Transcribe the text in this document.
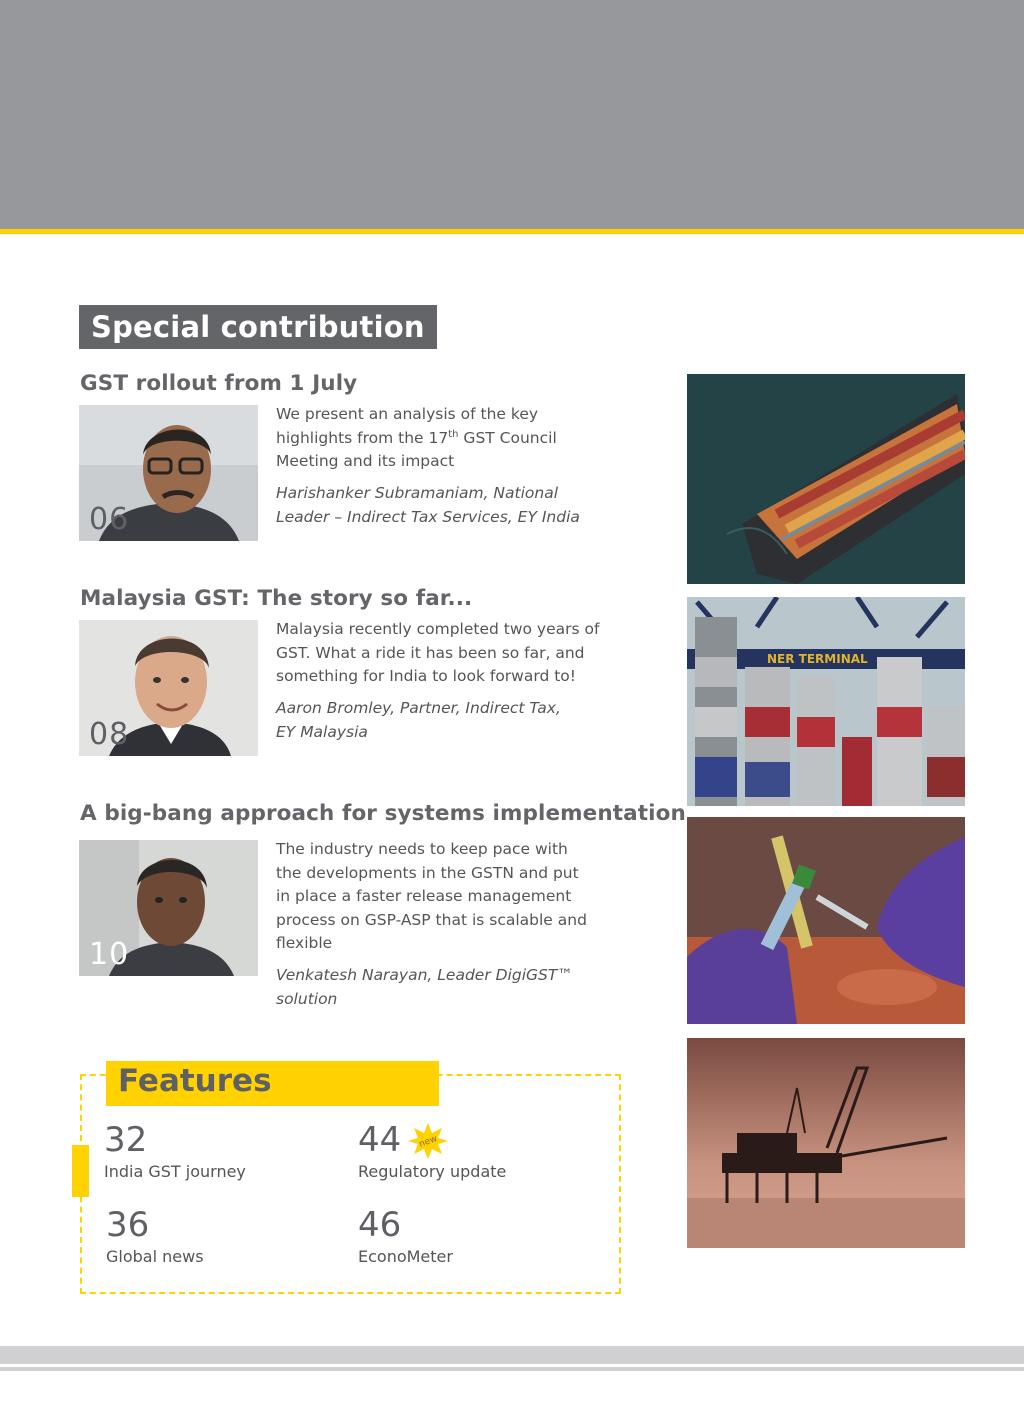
Special contribution
GST rollout from 1 July
06
We present an analysis of the key highlights from the 17th GST Council Meeting and its impact
Harishanker Subramaniam, National Leader – Indirect Tax Services, EY India
Malaysia GST: The story so far...
08
Malaysia recently completed two years of GST. What a ride it has been so far, and something for India to look forward to!
Aaron Bromley, Partner, Indirect Tax, EY Malaysia
A big-bang approach for systems implementation
10
The industry needs to keep pace with the developments in the GSTN and put in place a faster release management process on GSP-ASP that is scalable and flexible
Venkatesh Narayan, Leader DigiGST™ solution
NER TERMINAL
Features
32
India GST journey
44 new
Regulatory update
36
Global news
46
EconoMeter
